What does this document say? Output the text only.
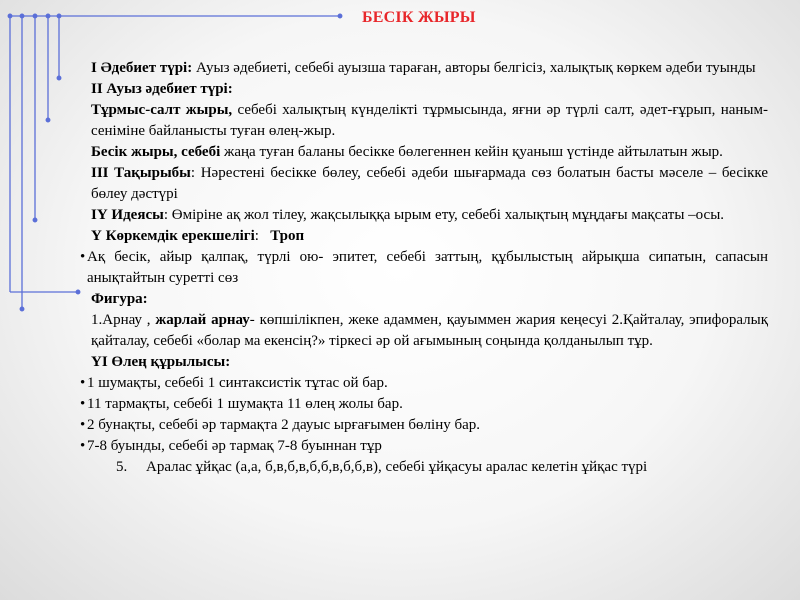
БЕСІК ЖЫРЫ

І Әдебиет түрі: Ауыз әдебиеті, себебі ауызша тараған, авторы белгісіз, халықтық көркем әдеби туынды

ІІ Ауыз әдебиет түрі:

Тұрмыс-салт жыры, себебі халықтың күнделікті тұрмысында, яғни әр түрлі салт, әдет-ғұрып, наным-сеніміне байланысты туған өлең-жыр.

Бесік жыры, себебі жаңа туған баланы бесікке бөлегеннен кейін қуаныш үстінде айтылатын жыр.

ІІІ Тақырыбы: Нәрестені бесікке бөлеу, себебі әдеби шығармада сөз болатын басты мәселе – бесікке бөлеу дәстүрі

ІҮ Идеясы: Өміріне ақ жол тілеу, жақсылыққа ырым ету, себебі халықтың мұңдағы мақсаты –осы.

Ү Көркемдік ерекшелігі:   Троп

• Ақ бесік, айыр қалпақ, түрлі ою- эпитет, себебі заттың, құбылыстың айрықша сипатын, сапасын анықтайтын суретті сөз

Фигура:

1.Арнау , жарлай арнау- көпшілікпен, жеке адаммен, қауыммен жария кеңесуі 2.Қайталау, эпифоралық қайталау, себебі «болар ма екенсің?» тіркесі әр ой ағымының соңында қолданылып тұр.

ҮІ Өлең құрылысы:

• 1 шумақты, себебі 1 синтаксистік тұтас ой бар.

• 11 тармақты, себебі 1 шумақта 11 өлең жолы бар.

• 2 бунақты, себебі әр тармақта 2 дауыс ырғағымен бөліну бар.

• 7-8 буынды, себебі әр тармақ 7-8 буыннан тұр

5. Аралас ұйқас (а,а, б,в,б,в,б,б,в,б,б,в), себебі ұйқасуы аралас келетін ұйқас түрі
